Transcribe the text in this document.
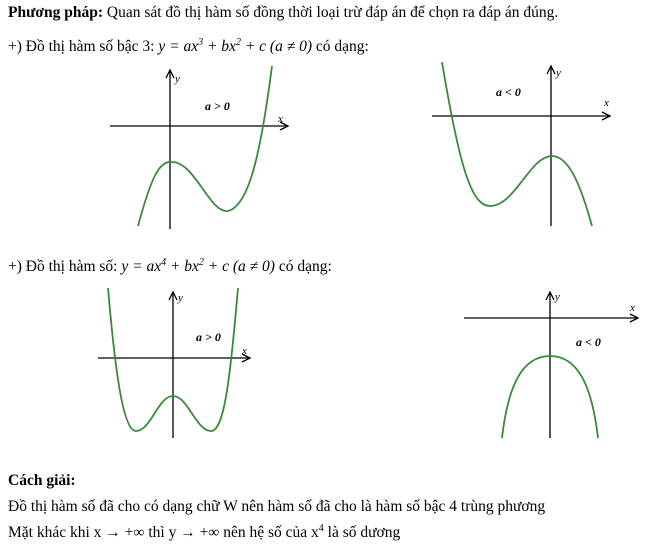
Phương pháp: Quan sát đồ thị hàm số đồng thời loại trừ đáp án để chọn ra đáp án đúng.
+) Đồ thị hàm số bậc 3: $y = ax^3 + bx^2 + c$ (a ≠ 0) có dạng:
y
x
a > 0
y
x
a < 0
+) Đồ thị hàm số: $y = ax^4 + bx^2 + c$ (a ≠ 0) có dạng:
y
x
a > 0
y
x
a < 0
Cách giải:
Đồ thị hàm số đã cho có dạng chữ W nên hàm số đã cho là hàm số bậc 4 trùng phương
Mặt khác khi x → +∞ thì y → +∞ nên hệ số của $x^4$ là số dương
